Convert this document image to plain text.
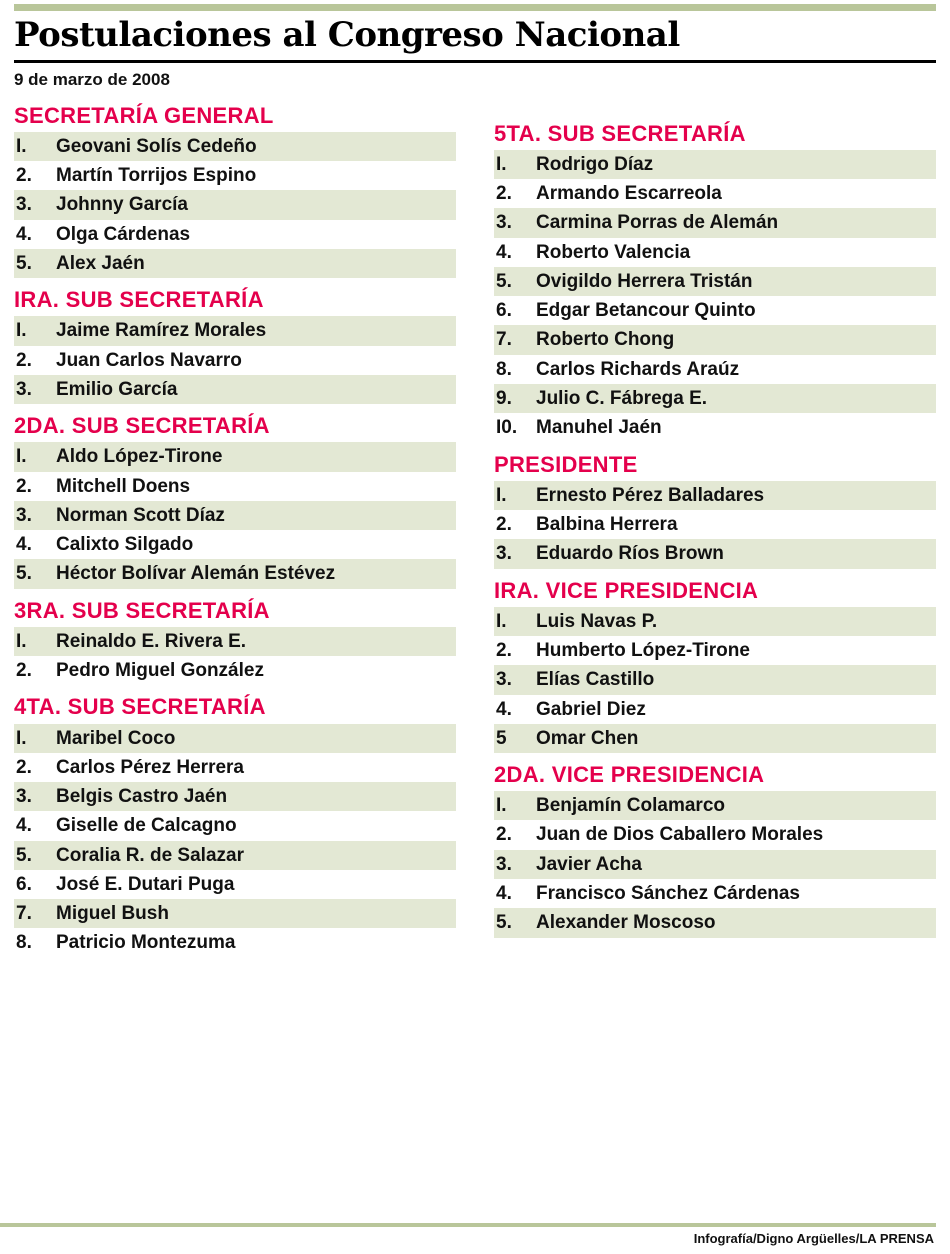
Postulaciones al Congreso Nacional
9 de marzo de 2008
SECRETARÍA GENERAL
I.	Geovani Solís Cedeño
2.	Martín Torrijos Espino
3.	Johnny García
4.	Olga Cárdenas
5.	Alex Jaén
IRA. SUB SECRETARÍA
I.	Jaime Ramírez Morales
2.	Juan Carlos Navarro
3.	Emilio García
2DA. SUB SECRETARÍA
I.	Aldo López-Tirone
2.	Mitchell Doens
3.	Norman Scott Díaz
4.	Calixto Silgado
5.	Héctor Bolívar Alemán Estévez
3RA. SUB SECRETARÍA
I.	Reinaldo E. Rivera E.
2.	Pedro Miguel González
4TA. SUB SECRETARÍA
I.	Maribel Coco
2.	Carlos Pérez Herrera
3.	Belgis Castro Jaén
4.	Giselle de Calcagno
5.	Coralia R. de Salazar
6.	José E. Dutari Puga
7.	Miguel Bush
8.	Patricio Montezuma
5TA. SUB SECRETARÍA
I.	Rodrigo Díaz
2.	Armando Escarreola
3.	Carmina Porras de Alemán
4.	Roberto Valencia
5.	Ovigildo Herrera Tristán
6.	Edgar Betancour Quinto
7.	Roberto Chong
8.	Carlos Richards Araúz
9.	Julio C. Fábrega E.
I0. Manuhel Jaén
PRESIDENTE
I.	Ernesto Pérez Balladares
2.	Balbina Herrera
3.	Eduardo Ríos Brown
IRA. VICE PRESIDENCIA
I.	Luis Navas P.
2.	Humberto López-Tirone
3.	Elías Castillo
4.	Gabriel Diez
5	Omar Chen
2DA. VICE PRESIDENCIA
I.	Benjamín Colamarco
2.	Juan de Dios Caballero Morales
3.	Javier Acha
4.	Francisco Sánchez Cárdenas
5.	Alexander Moscoso
Infografía/Digno Argüelles/LA PRENSA
